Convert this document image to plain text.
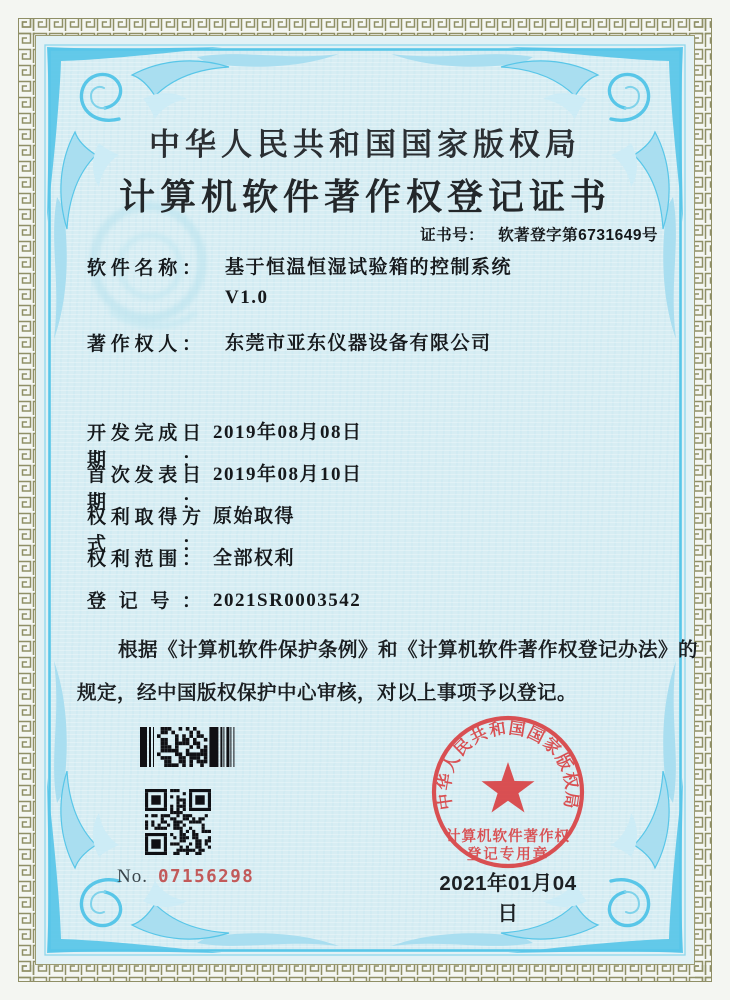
中华人民共和国国家版权局
计算机软件著作权
登记专用章
中华人民共和国国家版权局
计算机软件著作权登记证书
证书号： 软著登字第6731649号
软件名称： 基于恒温恒湿试验箱的控制系统
V1.0
著作权人： 东莞市亚东仪器设备有限公司
开发完成日期：
2019年08月08日
首次发表日期：
2019年08月10日
权利取得方式：
原始取得
权利范围： 全部权利
登记号： 2021SR0003542
根据《计算机软件保护条例》和《计算机软件著作权登记办法》的
规定，经中国版权保护中心审核，对以上事项予以登记。
No. 07156298	2021年01月04日
